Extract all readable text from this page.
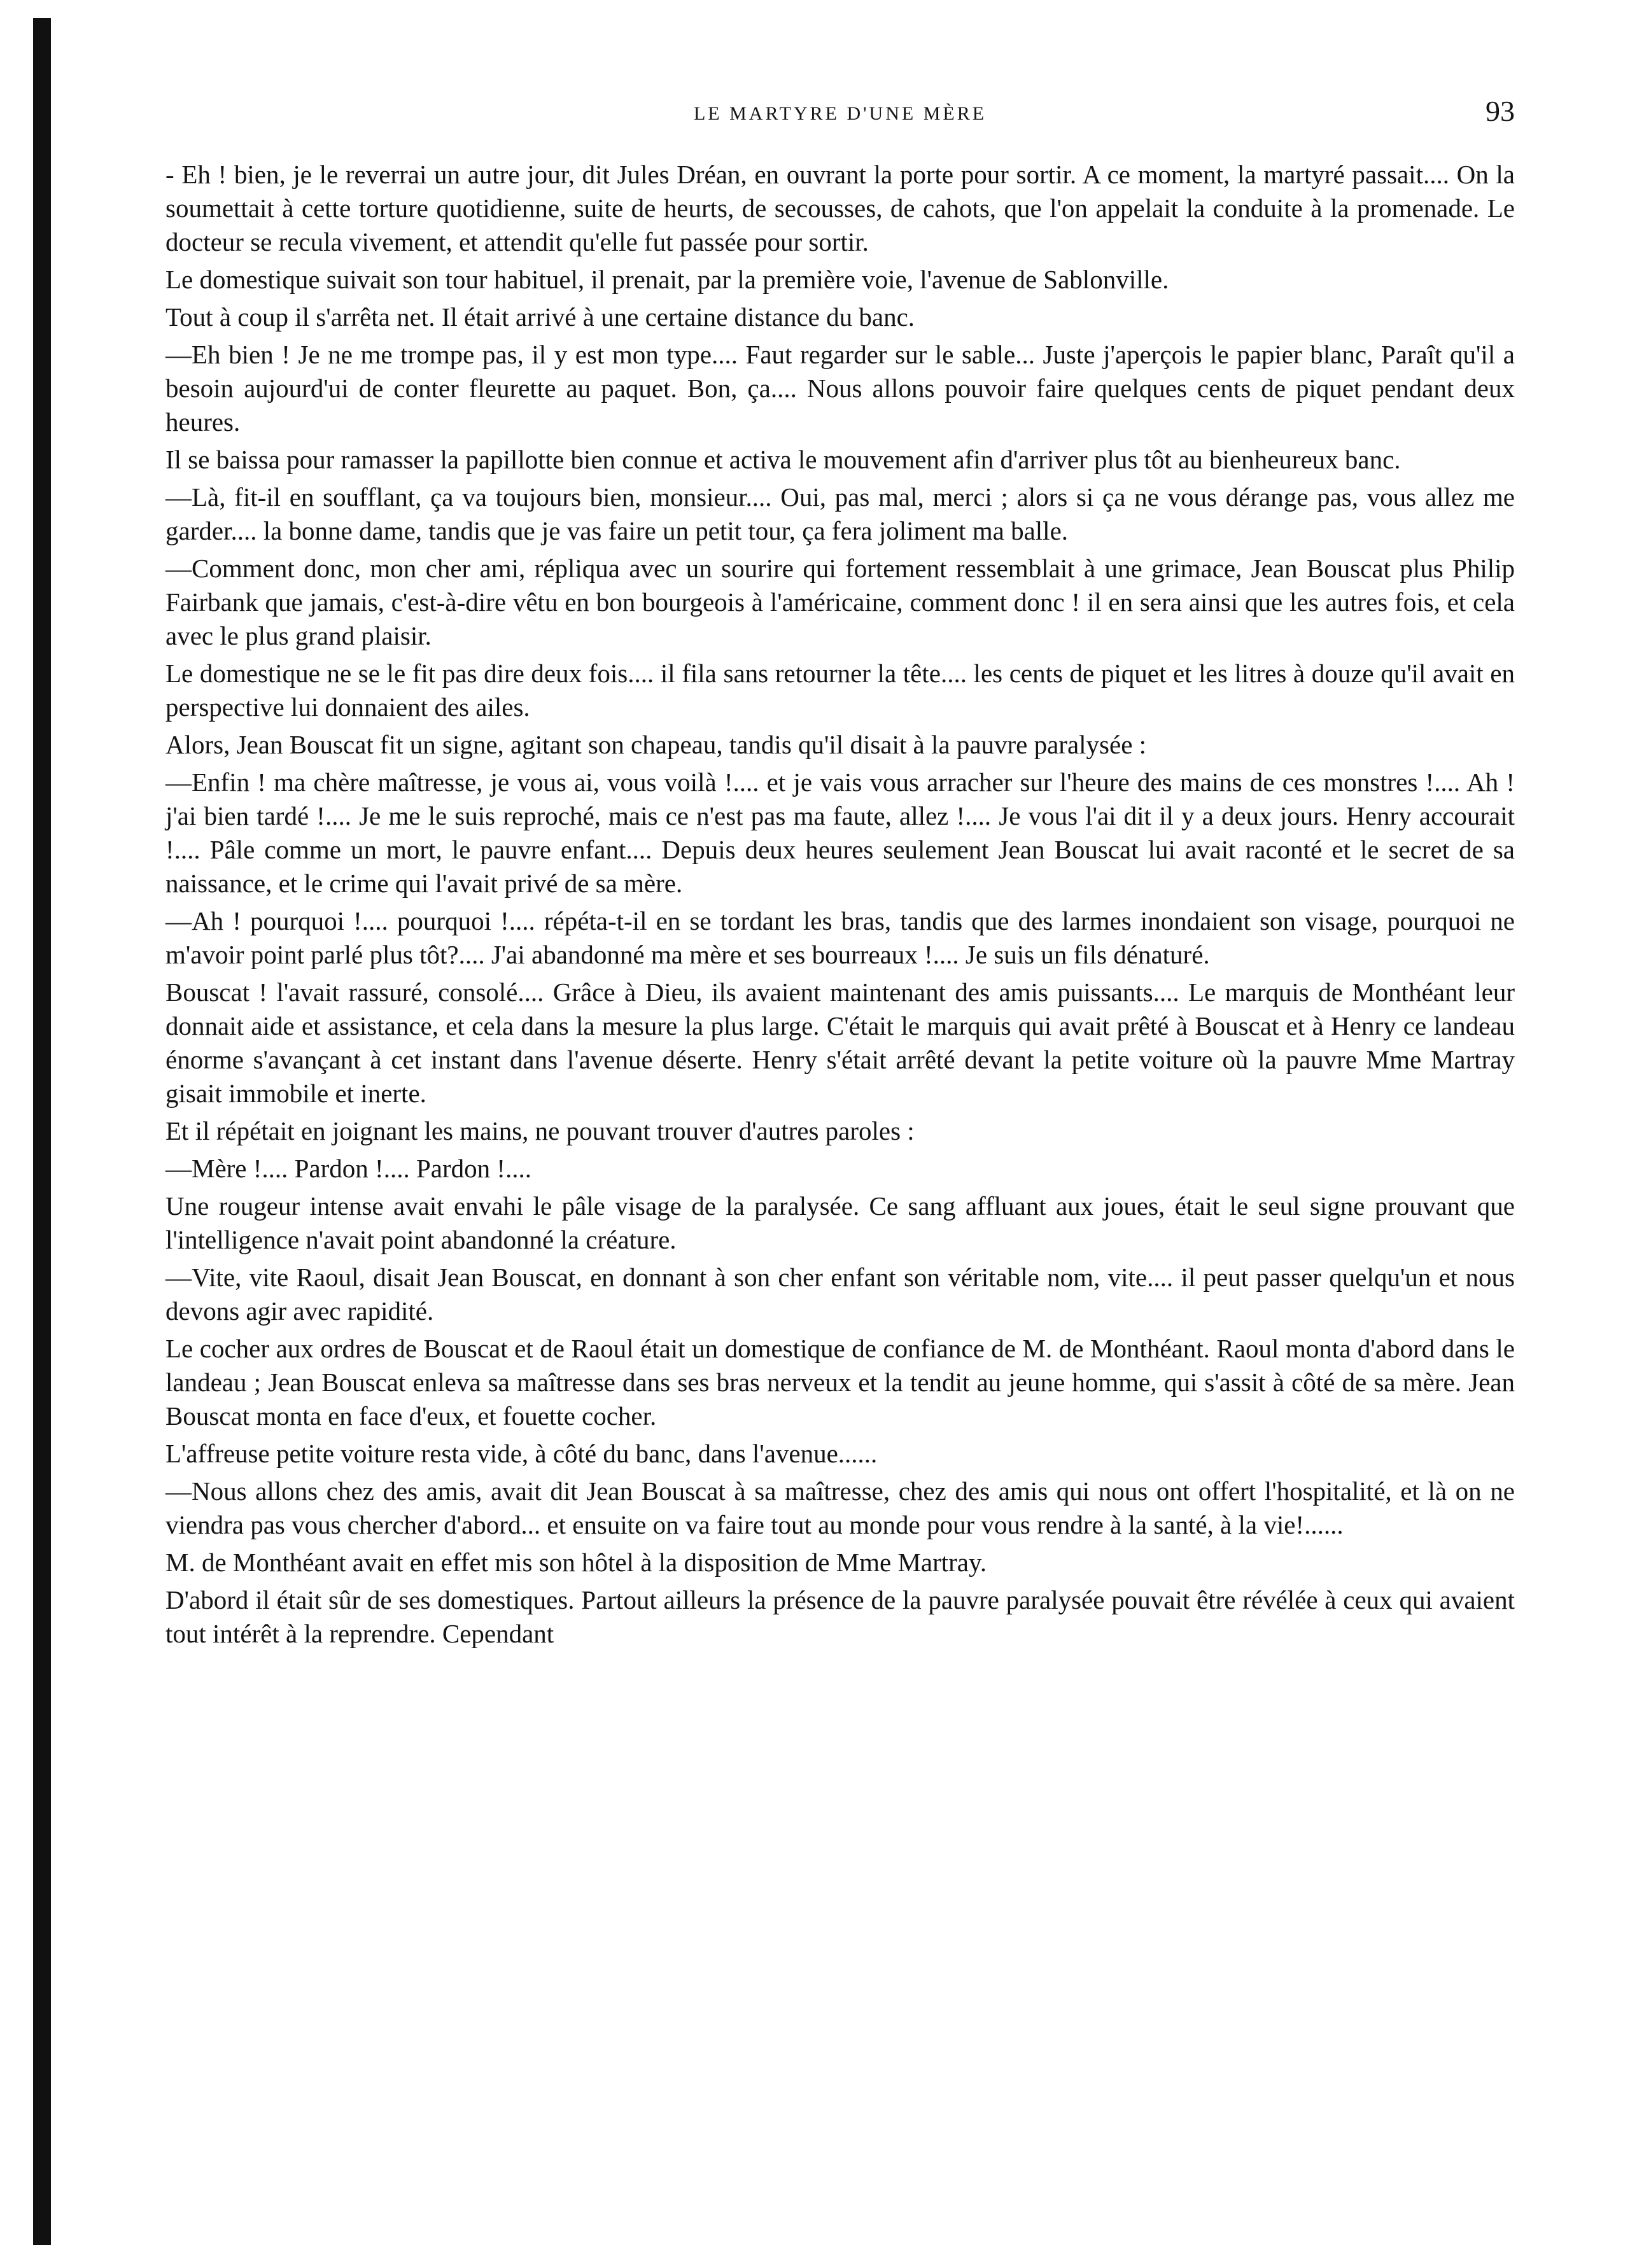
LE MARTYRE D'UNE MÈRE	93

- Eh ! bien, je le reverrai un autre jour, dit Jules Dréan, en ouvrant la porte pour sortir. A ce moment, la martyré passait.... On la soumettait à cette torture quotidienne, suite de heurts, de secousses, de cahots, que l'on appelait la conduite à la promenade. Le docteur se recula vivement, et attendit qu'elle fut passée pour sortir.

Le domestique suivait son tour habituel, il prenait, par la première voie, l'avenue de Sablonville.

Tout à coup il s'arrêta net. Il était arrivé à une certaine distance du banc.

—Eh bien ! Je ne me trompe pas, il y est mon type.... Faut regarder sur le sable... Juste j'aperçois le papier blanc, Paraît qu'il a besoin aujourd'ui de conter fleurette au paquet. Bon, ça.... Nous allons pouvoir faire quelques cents de piquet pendant deux heures.

Il se baissa pour ramasser la papillotte bien connue et activa le mouvement afin d'arriver plus tôt au bienheureux banc.

—Là, fit-il en soufflant, ça va toujours bien, monsieur.... Oui, pas mal, merci ; alors si ça ne vous dérange pas, vous allez me garder.... la bonne dame, tandis que je vas faire un petit tour, ça fera joliment ma balle.

—Comment donc, mon cher ami, répliqua avec un sourire qui fortement ressemblait à une grimace, Jean Bouscat plus Philip Fairbank que jamais, c'est-à-dire vêtu en bon bourgeois à l'américaine, comment donc ! il en sera ainsi que les autres fois, et cela avec le plus grand plaisir.

Le domestique ne se le fit pas dire deux fois.... il fila sans retourner la tête.... les cents de piquet et les litres à douze qu'il avait en perspective lui donnaient des ailes.

Alors, Jean Bouscat fit un signe, agitant son chapeau, tandis qu'il disait à la pauvre paralysée :

—Enfin ! ma chère maîtresse, je vous ai, vous voilà !.... et je vais vous arracher sur l'heure des mains de ces monstres !.... Ah ! j'ai bien tardé !.... Je me le suis reproché, mais ce n'est pas ma faute, allez !.... Je vous l'ai dit il y a deux jours. Henry accourait !.... Pâle comme un mort, le pauvre enfant.... Depuis deux heures seulement Jean Bouscat lui avait raconté et le secret de sa naissance, et le crime qui l'avait privé de sa mère.

—Ah ! pourquoi !.... pourquoi !.... répéta-t-il en se tordant les bras, tandis que des larmes inondaient son visage, pourquoi ne m'avoir point parlé plus tôt?.... J'ai abandonné ma mère et ses bourreaux !.... Je suis un fils dénaturé.

Bouscat ! l'avait rassuré, consolé.... Grâce à Dieu, ils avaient maintenant des amis puissants.... Le marquis de Monthéant leur donnait aide et assistance, et cela dans la mesure la plus large. C'était le marquis qui avait prêté à Bouscat et à Henry ce landeau énorme s'avançant à cet instant dans l'avenue déserte. Henry s'était arrêté devant la petite voiture où la pauvre Mme Martray gisait immobile et inerte.

Et il répétait en joignant les mains, ne pouvant trouver d'autres paroles :

—Mère !.... Pardon !.... Pardon !....

Une rougeur intense avait envahi le pâle visage de la paralysée. Ce sang affluant aux joues, était le seul signe prouvant que l'intelligence n'avait point abandonné la créature.

—Vite, vite Raoul, disait Jean Bouscat, en donnant à son cher enfant son véritable nom, vite.... il peut passer quelqu'un et nous devons agir avec rapidité.

Le cocher aux ordres de Bouscat et de Raoul était un domestique de confiance de M. de Monthéant. Raoul monta d'abord dans le landeau ; Jean Bouscat enleva sa maîtresse dans ses bras nerveux et la tendit au jeune homme, qui s'assit à côté de sa mère. Jean Bouscat monta en face d'eux, et fouette cocher.

L'affreuse petite voiture resta vide, à côté du banc, dans l'avenue......

—Nous allons chez des amis, avait dit Jean Bouscat à sa maîtresse, chez des amis qui nous ont offert l'hospitalité, et là on ne viendra pas vous chercher d'abord... et ensuite on va faire tout au monde pour vous rendre à la santé, à la vie!......

M. de Monthéant avait en effet mis son hôtel à la disposition de Mme Martray.

D'abord il était sûr de ses domestiques. Partout ailleurs la présence de la pauvre paralysée pouvait être révélée à ceux qui avaient tout intérêt à la reprendre. Cependant
